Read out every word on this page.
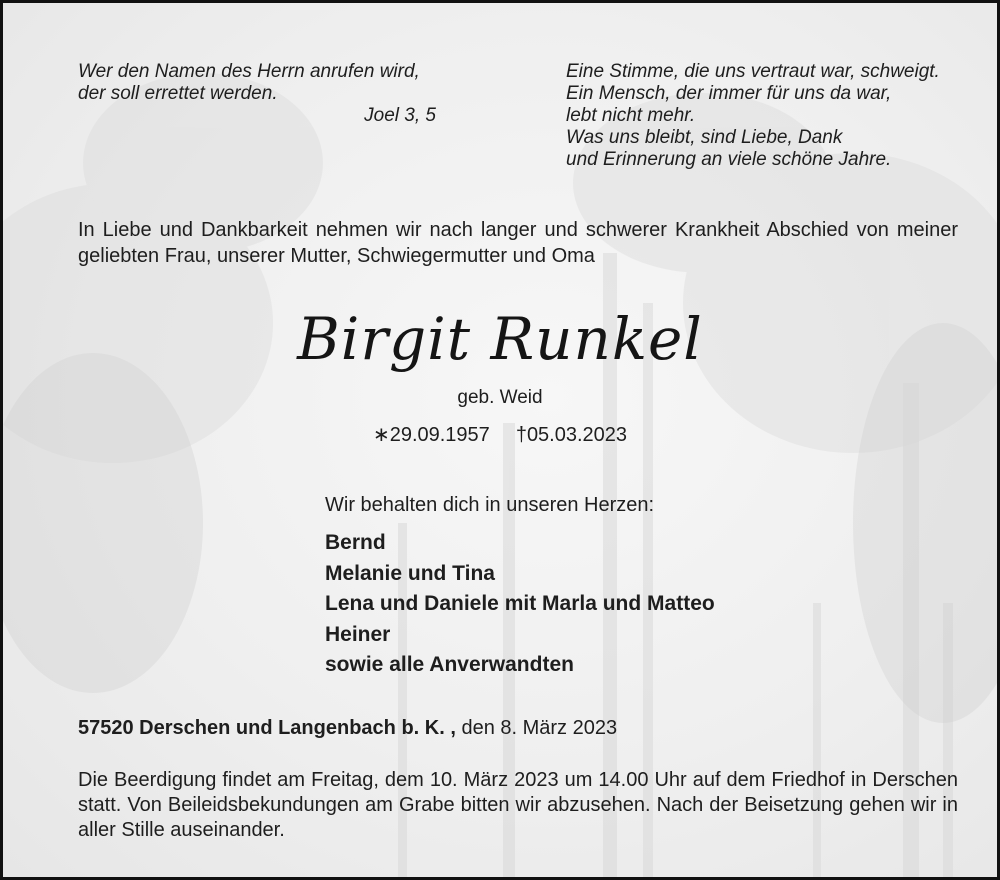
Wer den Namen des Herrn anrufen wird,
der soll errettet werden.
Joel 3, 5
Eine Stimme, die uns vertraut war, schweigt.
Ein Mensch, der immer für uns da war,
lebt nicht mehr.
Was uns bleibt, sind Liebe, Dank
und Erinnerung an viele schöne Jahre.
In Liebe und Dankbarkeit nehmen wir nach langer und schwerer Krankheit Abschied von meiner geliebten Frau, unserer Mutter, Schwiegermutter und Oma
Birgit Runkel
geb. Weid
∗29.09.1957 †05.03.2023
Wir behalten dich in unseren Herzen:
Bernd
Melanie und Tina
Lena und Daniele mit Marla und Matteo
Heiner
sowie alle Anverwandten
57520 Derschen und Langenbach b. K. , den 8. März 2023
Die Beerdigung findet am Freitag, dem 10. März 2023 um 14.00 Uhr auf dem Friedhof in Derschen statt. Von Beileidsbekundungen am Grabe bitten wir abzusehen. Nach der Beisetzung gehen wir in aller Stille auseinander.
